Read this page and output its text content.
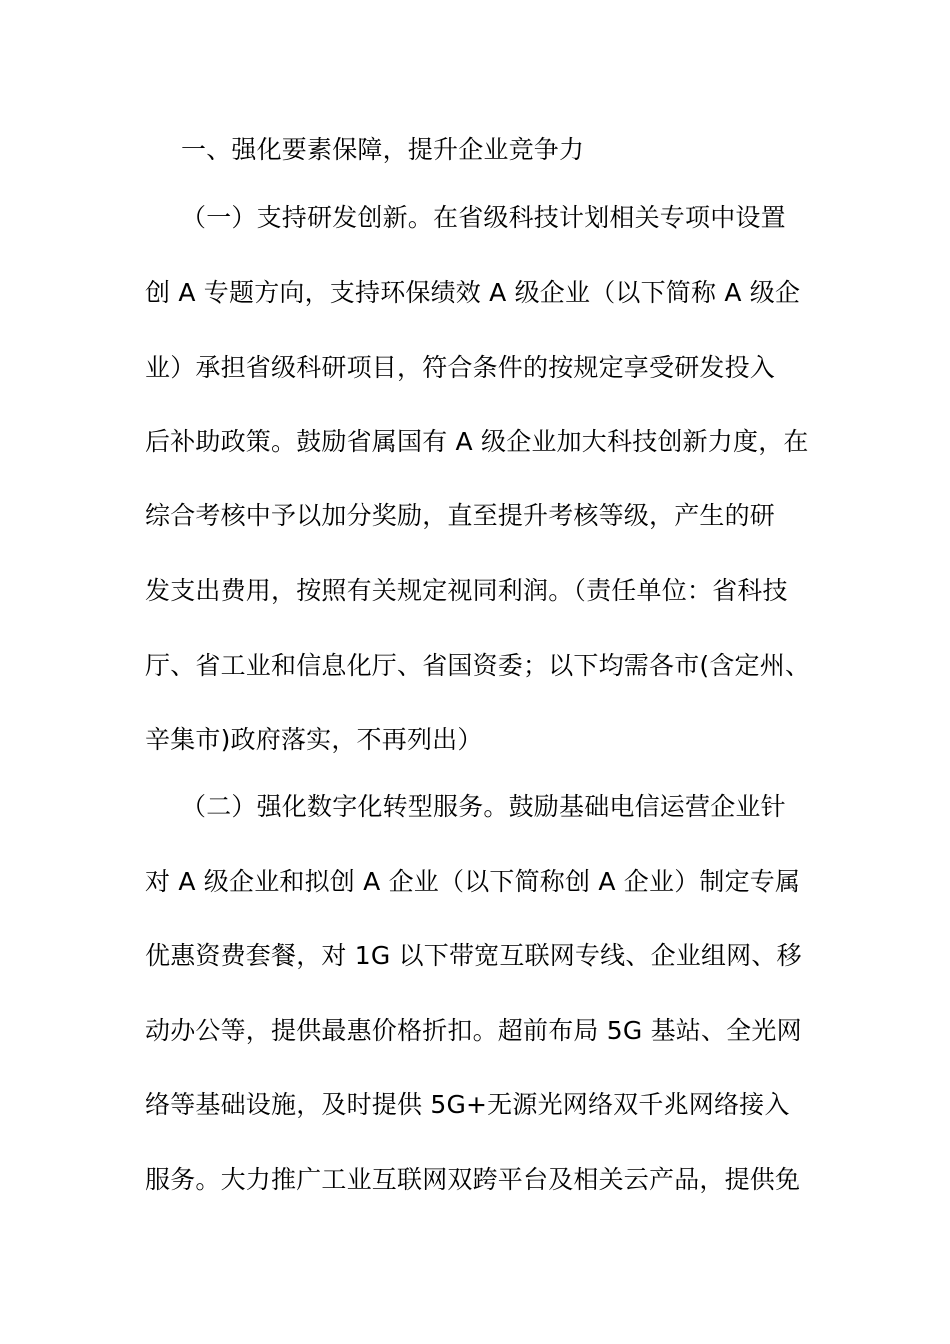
一、强化要素保障，提升企业竞争力
（一）支持研发创新。在省级科技计划相关专项中设置
创 A 专题方向，支持环保绩效 A 级企业（以下简称 A 级企
业）承担省级科研项目，符合条件的按规定享受研发投入
后补助政策。鼓励省属国有 A 级企业加大科技创新力度，在
综合考核中予以加分奖励，直至提升考核等级，产生的研
发支出费用，按照有关规定视同利润。（责任单位：省科技
厅、省工业和信息化厅、省国资委；以下均需各市(含定州、
辛集市)政府落实，不再列出）
（二）强化数字化转型服务。鼓励基础电信运营企业针
对 A 级企业和拟创 A 企业（以下简称创 A 企业）制定专属
优惠资费套餐，对 1G 以下带宽互联网专线、企业组网、移
动办公等，提供最惠价格折扣。超前布局 5G 基站、全光网
络等基础设施，及时提供 5G+无源光网络双千兆网络接入
服务。大力推广工业互联网双跨平台及相关云产品，提供免
